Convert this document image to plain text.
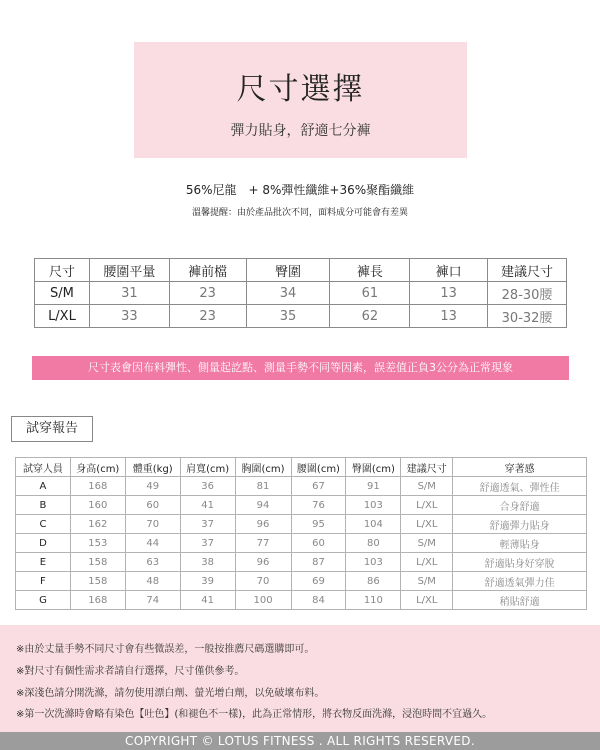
尺寸選擇
彈力貼身，舒適七分褲
56%尼龍　+ 8%彈性纖維+36%聚酯纖維
溫馨提醒：由於產品批次不同，面料成分可能會有差異
尺寸	腰圍平量	褲前檔	臀圍	褲長	褲口	建議尺寸
S/M	31	23	34	61	13	28-30腰
L/XL	33	23	35	62	13	30-32腰
尺寸表會因布料彈性、側量起訖點、測量手勢不同等因素，誤差值正負3公分為正常現象
試穿報告
試穿人員	身高(cm)	體重(kg)	肩寬(cm)	胸圍(cm)	腰圍(cm)	臀圍(cm)	建議尺寸	穿著感
A	168	49	36	81	67	91	S/M	舒適透氣、彈性佳
B	160	60	41	94	76	103	L/XL	合身舒適
C	162	70	37	96	95	104	L/XL	舒適彈力貼身
D	153	44	37	77	60	80	S/M	輕薄貼身
E	158	63	38	96	87	103	L/XL	舒適貼身好穿脫
F	158	48	39	70	69	86	S/M	舒適透氣彈力佳
G	168	74	41	100	84	110	L/XL	稍貼舒適
※由於丈量手勢不同尺寸會有些微誤差，一般按推薦尺碼選購即可。
※對尺寸有個性需求者請自行選擇，尺寸僅供參考。
※深淺色請分開洗滌，請勿使用漂白劑、螢光增白劑，以免破壞布料。
※第一次洗滌時會略有染色【吐色】(和褪色不一樣)，此為正常情形，將衣物反面洗滌，浸泡時間不宜過久。
COPYRIGHT © LOTUS FITNESS . ALL RIGHTS RESERVED.
